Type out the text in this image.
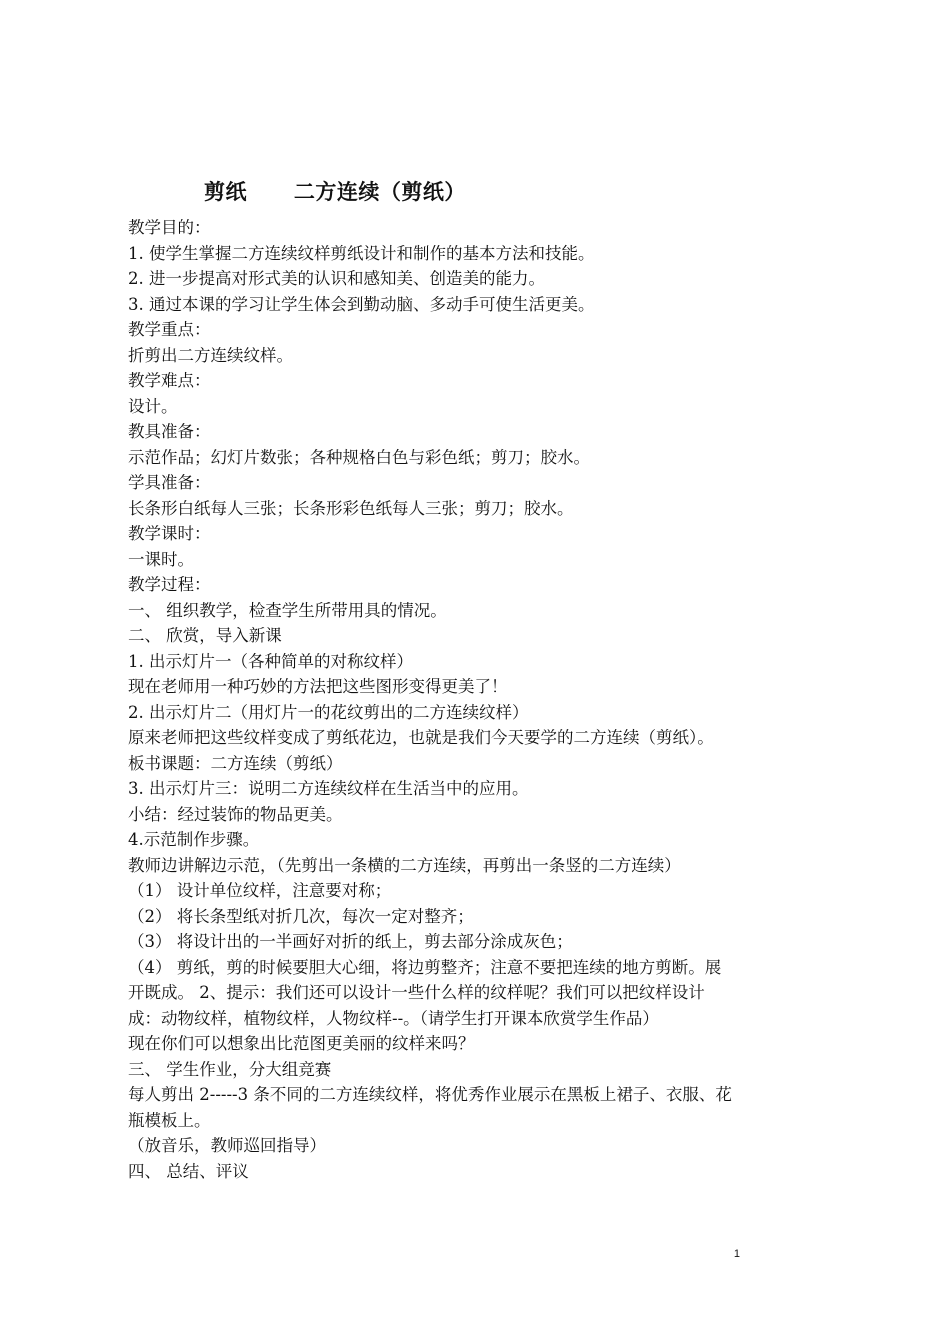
剪纸      二方连续（剪纸）

教学目的：

1. 使学生掌握二方连续纹样剪纸设计和制作的基本方法和技能。

2. 进一步提高对形式美的认识和感知美、创造美的能力。

3. 通过本课的学习让学生体会到勤动脑、多动手可使生活更美。

教学重点：

折剪出二方连续纹样。

教学难点：

设计。

教具准备：

示范作品；幻灯片数张；各种规格白色与彩色纸；剪刀；胶水。

学具准备：

长条形白纸每人三张；长条形彩色纸每人三张；剪刀；胶水。

教学课时：

一课时。

教学过程：

一、 组织教学，检查学生所带用具的情况。

二、 欣赏，导入新课

1. 出示灯片一（各种简单的对称纹样）

现在老师用一种巧妙的方法把这些图形变得更美了！

2. 出示灯片二（用灯片一的花纹剪出的二方连续纹样）

原来老师把这些纹样变成了剪纸花边，也就是我们今天要学的二方连续（剪纸）。

板书课题：二方连续（剪纸）

3. 出示灯片三：说明二方连续纹样在生活当中的应用。

小结：经过装饰的物品更美。

4.示范制作步骤。

教师边讲解边示范，（先剪出一条横的二方连续，再剪出一条竖的二方连续）

（1） 设计单位纹样，注意要对称；

（2） 将长条型纸对折几次，每次一定对整齐；

（3） 将设计出的一半画好对折的纸上，剪去部分涂成灰色；

（4） 剪纸，剪的时候要胆大心细，将边剪整齐；注意不要把连续的地方剪断。展

开既成。 2、提示：我们还可以设计一些什么样的纹样呢？我们可以把纹样设计

成：动物纹样，植物纹样，人物纹样--。（请学生打开课本欣赏学生作品）

现在你们可以想象出比范图更美丽的纹样来吗？

三、 学生作业，分大组竞赛

每人剪出 2-----3 条不同的二方连续纹样，将优秀作业展示在黑板上裙子、衣服、花

瓶模板上。

（放音乐，教师巡回指导）

四、 总结、评议

1
